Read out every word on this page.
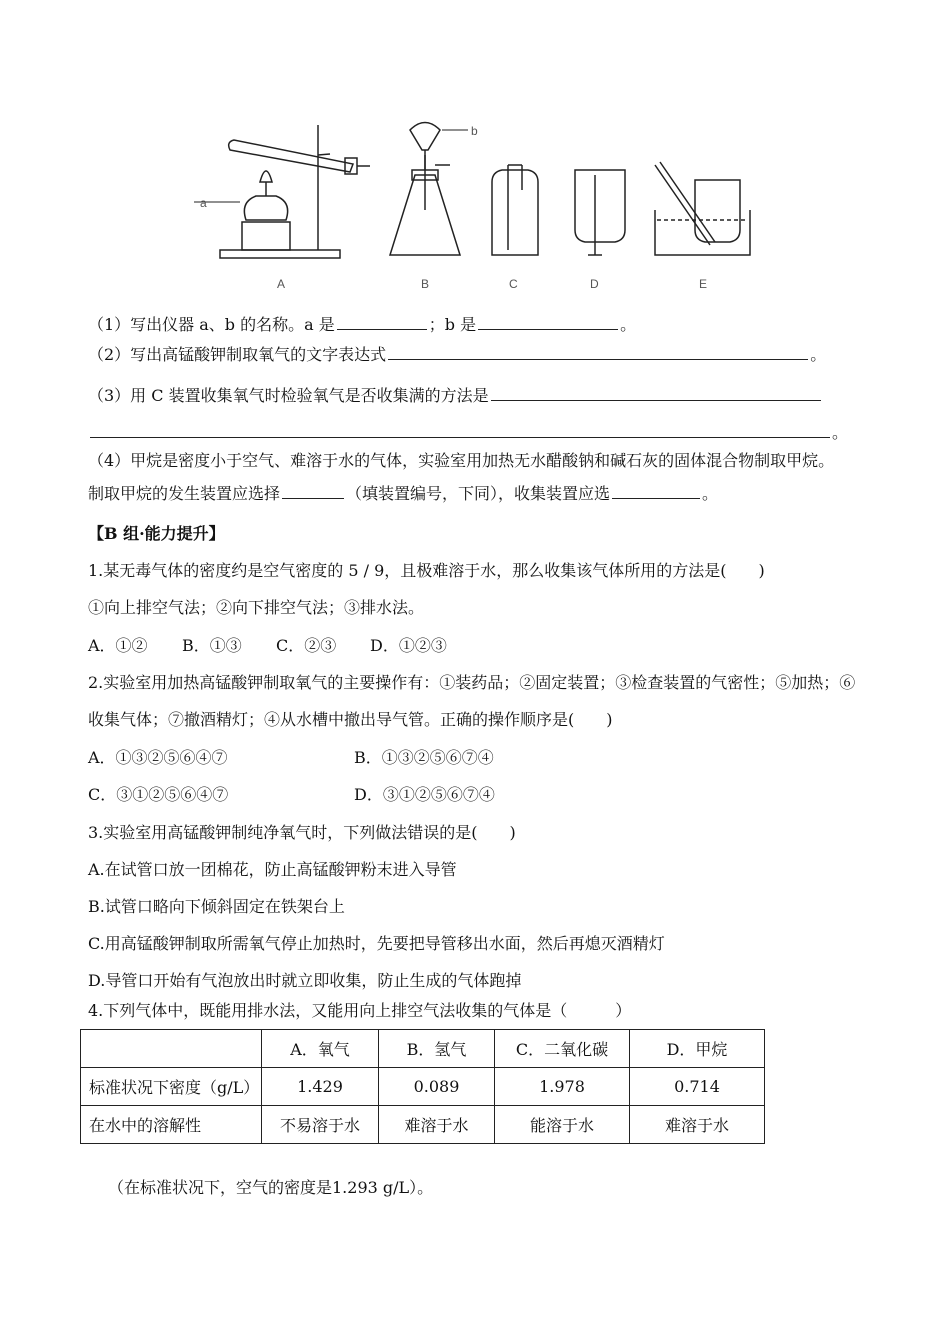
a
b
A	B	C	D	E
（1）写出仪器 a、b 的名称。a 是	；b 是	。
（2）写出高锰酸钾制取氧气的文字表达式	。
（3）用 C 装置收集氧气时检验氧气是否收集满的方法是
。
（4）甲烷是密度小于空气、难溶于水的气体，实验室用加热无水醋酸钠和碱石灰的固体混合物制取甲烷。
制取甲烷的发生装置应选择	（填装置编号，下同），收集装置应选	。
【B 组·能力提升】
1.某无毒气体的密度约是空气密度的 5 / 9，且极难溶于水，那么收集该气体所用的方法是(　　)
①向上排空气法；②向下排空气法；③排水法。
A．①② B．①③ C．②③ D．①②③
2.实验室用加热高锰酸钾制取氧气的主要操作有：①装药品；②固定装置；③检查装置的气密性；⑤加热；⑥
收集气体；⑦撤酒精灯；④从水槽中撤出导气管。正确的操作顺序是(　　)
A．①③②⑤⑥④⑦	B．①③②⑤⑥⑦④
C．③①②⑤⑥④⑦	D．③①②⑤⑥⑦④
3.实验室用高锰酸钾制纯净氧气时，下列做法错误的是(　　)
A.在试管口放一团棉花，防止高锰酸钾粉末进入导管
B.试管口略向下倾斜固定在铁架台上
C.用高锰酸钾制取所需氧气停止加热时，先要把导管移出水面，然后再熄灭酒精灯
D.导管口开始有气泡放出时就立即收集，防止生成的气体跑掉
4.下列气体中，既能用排水法，又能用向上排空气法收集的气体是（　　　）
	A．氧气	B．氢气	C．二氧化碳	D．甲烷
标准状况下密度（g/L）	1.429	0.089	1.978	0.714
在水中的溶解性	不易溶于水	难溶于水	能溶于水	难溶于水
（在标准状况下，空气的密度是1.293 g/L）。
